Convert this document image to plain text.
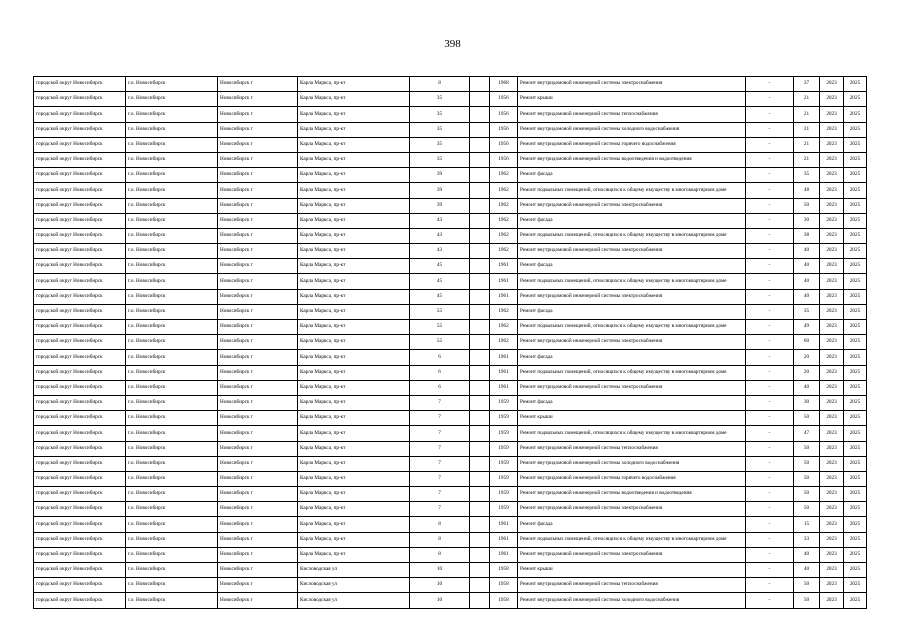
398
городской округ Новосибирск	г.о. Новосибирск	Новосибирск г	Карла Маркса, пр-кт	8		1968	Ремонт внутридомовой инженерной системы электроснабжения	-	37	2023	2025
городской округ Новосибирск	г.о. Новосибирск	Новосибирск г	Карла Маркса, пр-кт	35		1956	Ремонт крыши	-	21	2023	2025
городской округ Новосибирск	г.о. Новосибирск	Новосибирск г	Карла Маркса, пр-кт	35		1956	Ремонт внутридомовой инженерной системы теплоснабжения	-	21	2023	2025
городской округ Новосибирск	г.о. Новосибирск	Новосибирск г	Карла Маркса, пр-кт	35		1956	Ремонт внутридомовой инженерной системы холодного водоснабжения	-	21	2023	2025
городской округ Новосибирск	г.о. Новосибирск	Новосибирск г	Карла Маркса, пр-кт	35		1956	Ремонт внутридомовой инженерной системы горячего водоснабжения	-	21	2023	2025
городской округ Новосибирск	г.о. Новосибирск	Новосибирск г	Карла Маркса, пр-кт	35		1956	Ремонт внутридомовой инженерной системы водоотведения и водоотведения	-	21	2023	2025
городской округ Новосибирск	г.о. Новосибирск	Новосибирск г	Карла Маркса, пр-кт	39		1962	Ремонт фасада	-	35	2023	2025
городской округ Новосибирск	г.о. Новосибирск	Новосибирск г	Карла Маркса, пр-кт	39		1962	Ремонт подвальных помещений, относящихся к общему имуществу в многоквартирном доме	-	48	2023	2025
городской округ Новосибирск	г.о. Новосибирск	Новосибирск г	Карла Маркса, пр-кт	39		1962	Ремонт внутридомовой инженерной системы электроснабжения	-	50	2023	2025
городской округ Новосибирск	г.о. Новосибирск	Новосибирск г	Карла Маркса, пр-кт	43		1962	Ремонт фасада	-	30	2023	2025
городской округ Новосибирск	г.о. Новосибирск	Новосибирск г	Карла Маркса, пр-кт	43		1962	Ремонт подвальных помещений, относящихся к общему имуществу в многоквартирном доме	-	38	2023	2025
городской округ Новосибирск	г.о. Новосибирск	Новосибирск г	Карла Маркса, пр-кт	43		1962	Ремонт внутридомовой инженерной системы электроснабжения	-	40	2023	2025
городской округ Новосибирск	г.о. Новосибирск	Новосибирск г	Карла Маркса, пр-кт	45		1961	Ремонт фасада	-	40	2023	2025
городской округ Новосибирск	г.о. Новосибирск	Новосибирск г	Карла Маркса, пр-кт	45		1961	Ремонт подвальных помещений, относящихся к общему имуществу в многоквартирном доме	-	40	2023	2025
городской округ Новосибирск	г.о. Новосибирск	Новосибирск г	Карла Маркса, пр-кт	45		1961	Ремонт внутридомовой инженерной системы электроснабжения	-	40	2023	2025
городской округ Новосибирск	г.о. Новосибирск	Новосибирск г	Карла Маркса, пр-кт	55		1962	Ремонт фасада	-	35	2023	2025
городской округ Новосибирск	г.о. Новосибирск	Новосибирск г	Карла Маркса, пр-кт	55		1962	Ремонт подвальных помещений, относящихся к общему имуществу в многоквартирном доме	-	49	2023	2025
городской округ Новосибирск	г.о. Новосибирск	Новосибирск г	Карла Маркса, пр-кт	55		1962	Ремонт внутридомовой инженерной системы электроснабжения	-	60	2023	2025
городской округ Новосибирск	г.о. Новосибирск	Новосибирск г	Карла Маркса, пр-кт	6		1961	Ремонт фасада	-	20	2023	2025
городской округ Новосибирск	г.о. Новосибирск	Новосибирск г	Карла Маркса, пр-кт	6		1961	Ремонт подвальных помещений, относящихся к общему имуществу в многоквартирном доме	-	20	2023	2025
городской округ Новосибирск	г.о. Новосибирск	Новосибирск г	Карла Маркса, пр-кт	6		1961	Ремонт внутридомовой инженерной системы электроснабжения	-	40	2023	2025
городской округ Новосибирск	г.о. Новосибирск	Новосибирск г	Карла Маркса, пр-кт	7		1959	Ремонт фасада	-	30	2023	2025
городской округ Новосибирск	г.о. Новосибирск	Новосибирск г	Карла Маркса, пр-кт	7		1959	Ремонт крыши	-	50	2023	2025
городской округ Новосибирск	г.о. Новосибирск	Новосибирск г	Карла Маркса, пр-кт	7		1959	Ремонт подвальных помещений, относящихся к общему имуществу в многоквартирном доме	-	47	2023	2025
городской округ Новосибирск	г.о. Новосибирск	Новосибирск г	Карла Маркса, пр-кт	7		1959	Ремонт внутридомовой инженерной системы теплоснабжения	-	50	2023	2025
городской округ Новосибирск	г.о. Новосибирск	Новосибирск г	Карла Маркса, пр-кт	7		1959	Ремонт внутридомовой инженерной системы холодного водоснабжения	-	50	2023	2025
городской округ Новосибирск	г.о. Новосибирск	Новосибирск г	Карла Маркса, пр-кт	7		1959	Ремонт внутридомовой инженерной системы горячего водоснабжения	-	50	2023	2025
городской округ Новосибирск	г.о. Новосибирск	Новосибирск г	Карла Маркса, пр-кт	7		1959	Ремонт внутридомовой инженерной системы водоотведения и водоотведения	-	50	2023	2025
городской округ Новосибирск	г.о. Новосибирск	Новосибирск г	Карла Маркса, пр-кт	7		1959	Ремонт внутридомовой инженерной системы электроснабжения	-	50	2023	2025
городской округ Новосибирск	г.о. Новосибирск	Новосибирск г	Карла Маркса, пр-кт	8		1961	Ремонт фасада	-	15	2023	2025
городской округ Новосибирск	г.о. Новосибирск	Новосибирск г	Карла Маркса, пр-кт	8		1961	Ремонт подвальных помещений, относящихся к общему имуществу в многоквартирном доме	-	33	2023	2025
городской округ Новосибирск	г.о. Новосибирск	Новосибирск г	Карла Маркса, пр-кт	8		1961	Ремонт внутридомовой инженерной системы электроснабжения	-	40	2023	2025
городской округ Новосибирск	г.о. Новосибирск	Новосибирск г	Кисловодская ул	10		1958	Ремонт крыши	-	40	2023	2025
городской округ Новосибирск	г.о. Новосибирск	Новосибирск г	Кисловодская ул	10		1958	Ремонт внутридомовой инженерной системы теплоснабжения	-	50	2023	2025
городской округ Новосибирск	г.о. Новосибирск	Новосибирск г	Кисловодская ул	10		1958	Ремонт внутридомовой инженерной системы холодного водоснабжения	-	50	2023	2025
